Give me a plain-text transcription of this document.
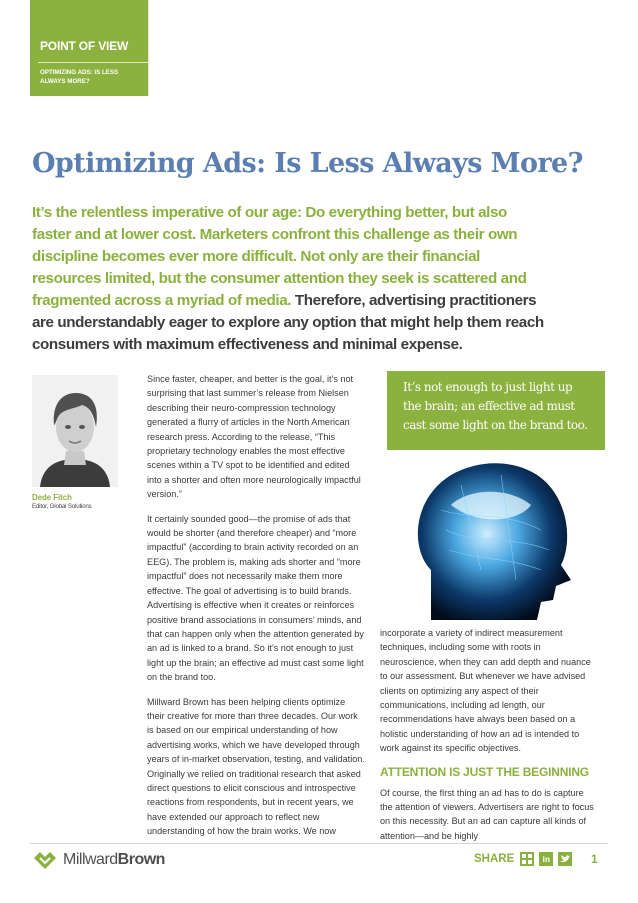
POINT OF VIEW
OPTIMIZING ADS: IS LESS ALWAYS MORE?
Optimizing Ads: Is Less Always More?

It’s the relentless imperative of our age: Do everything better, but also faster and at lower cost. Marketers confront this challenge as their own discipline becomes ever more difficult. Not only are their financial resources limited, but the consumer attention they seek is scattered and fragmented across a myriad of media. Therefore, advertising practitioners are understandably eager to explore any option that might help them reach consumers with maximum effectiveness and minimal expense.

Dede Fitch
Editor, Global Solutions

Since faster, cheaper, and better is the goal, it’s not surprising that last summer’s release from Nielsen describing their neuro-compression technology generated a flurry of articles in the North American research press. According to the release, “This proprietary technology enables the most effective scenes within a TV spot to be identified and edited into a shorter and often more neurologically impactful version.”

It certainly sounded good—the promise of ads that would be shorter (and therefore cheaper) and “more impactful” (according to brain activity recorded on an EEG). The problem is, making ads shorter and “more impactful” does not necessarily make them more effective. The goal of advertising is to build brands. Advertising is effective when it creates or reinforces positive brand associations in consumers’ minds, and that can happen only when the attention generated by an ad is linked to a brand. So it’s not enough to just light up the brain; an effective ad must cast some light on the brand too.

Millward Brown has been helping clients optimize their creative for more than three decades. Our work is based on our empirical understanding of how advertising works, which we have developed through years of in-market observation, testing, and validation. Originally we relied on traditional research that asked direct questions to elicit conscious and introspective reactions from respondents, but in recent years, we have extended our approach to reflect new understanding of how the brain works. We now

It’s not enough to just light up the brain; an effective ad must cast some light on the brand too.

incorporate a variety of indirect measurement techniques, including some with roots in neuroscience, when they can add depth and nuance to our assessment. But whenever we have advised clients on optimizing any aspect of their communications, including ad length, our recommendations have always been based on a holistic understanding of how an ad is intended to work against its specific objectives.

ATTENTION IS JUST THE BEGINNING

Of course, the first thing an ad has to do is capture the attention of viewers. Advertisers are right to focus on this necessity. But an ad can capture all kinds of attention—and be highly

MillwardBrown	SHARE	in	1
